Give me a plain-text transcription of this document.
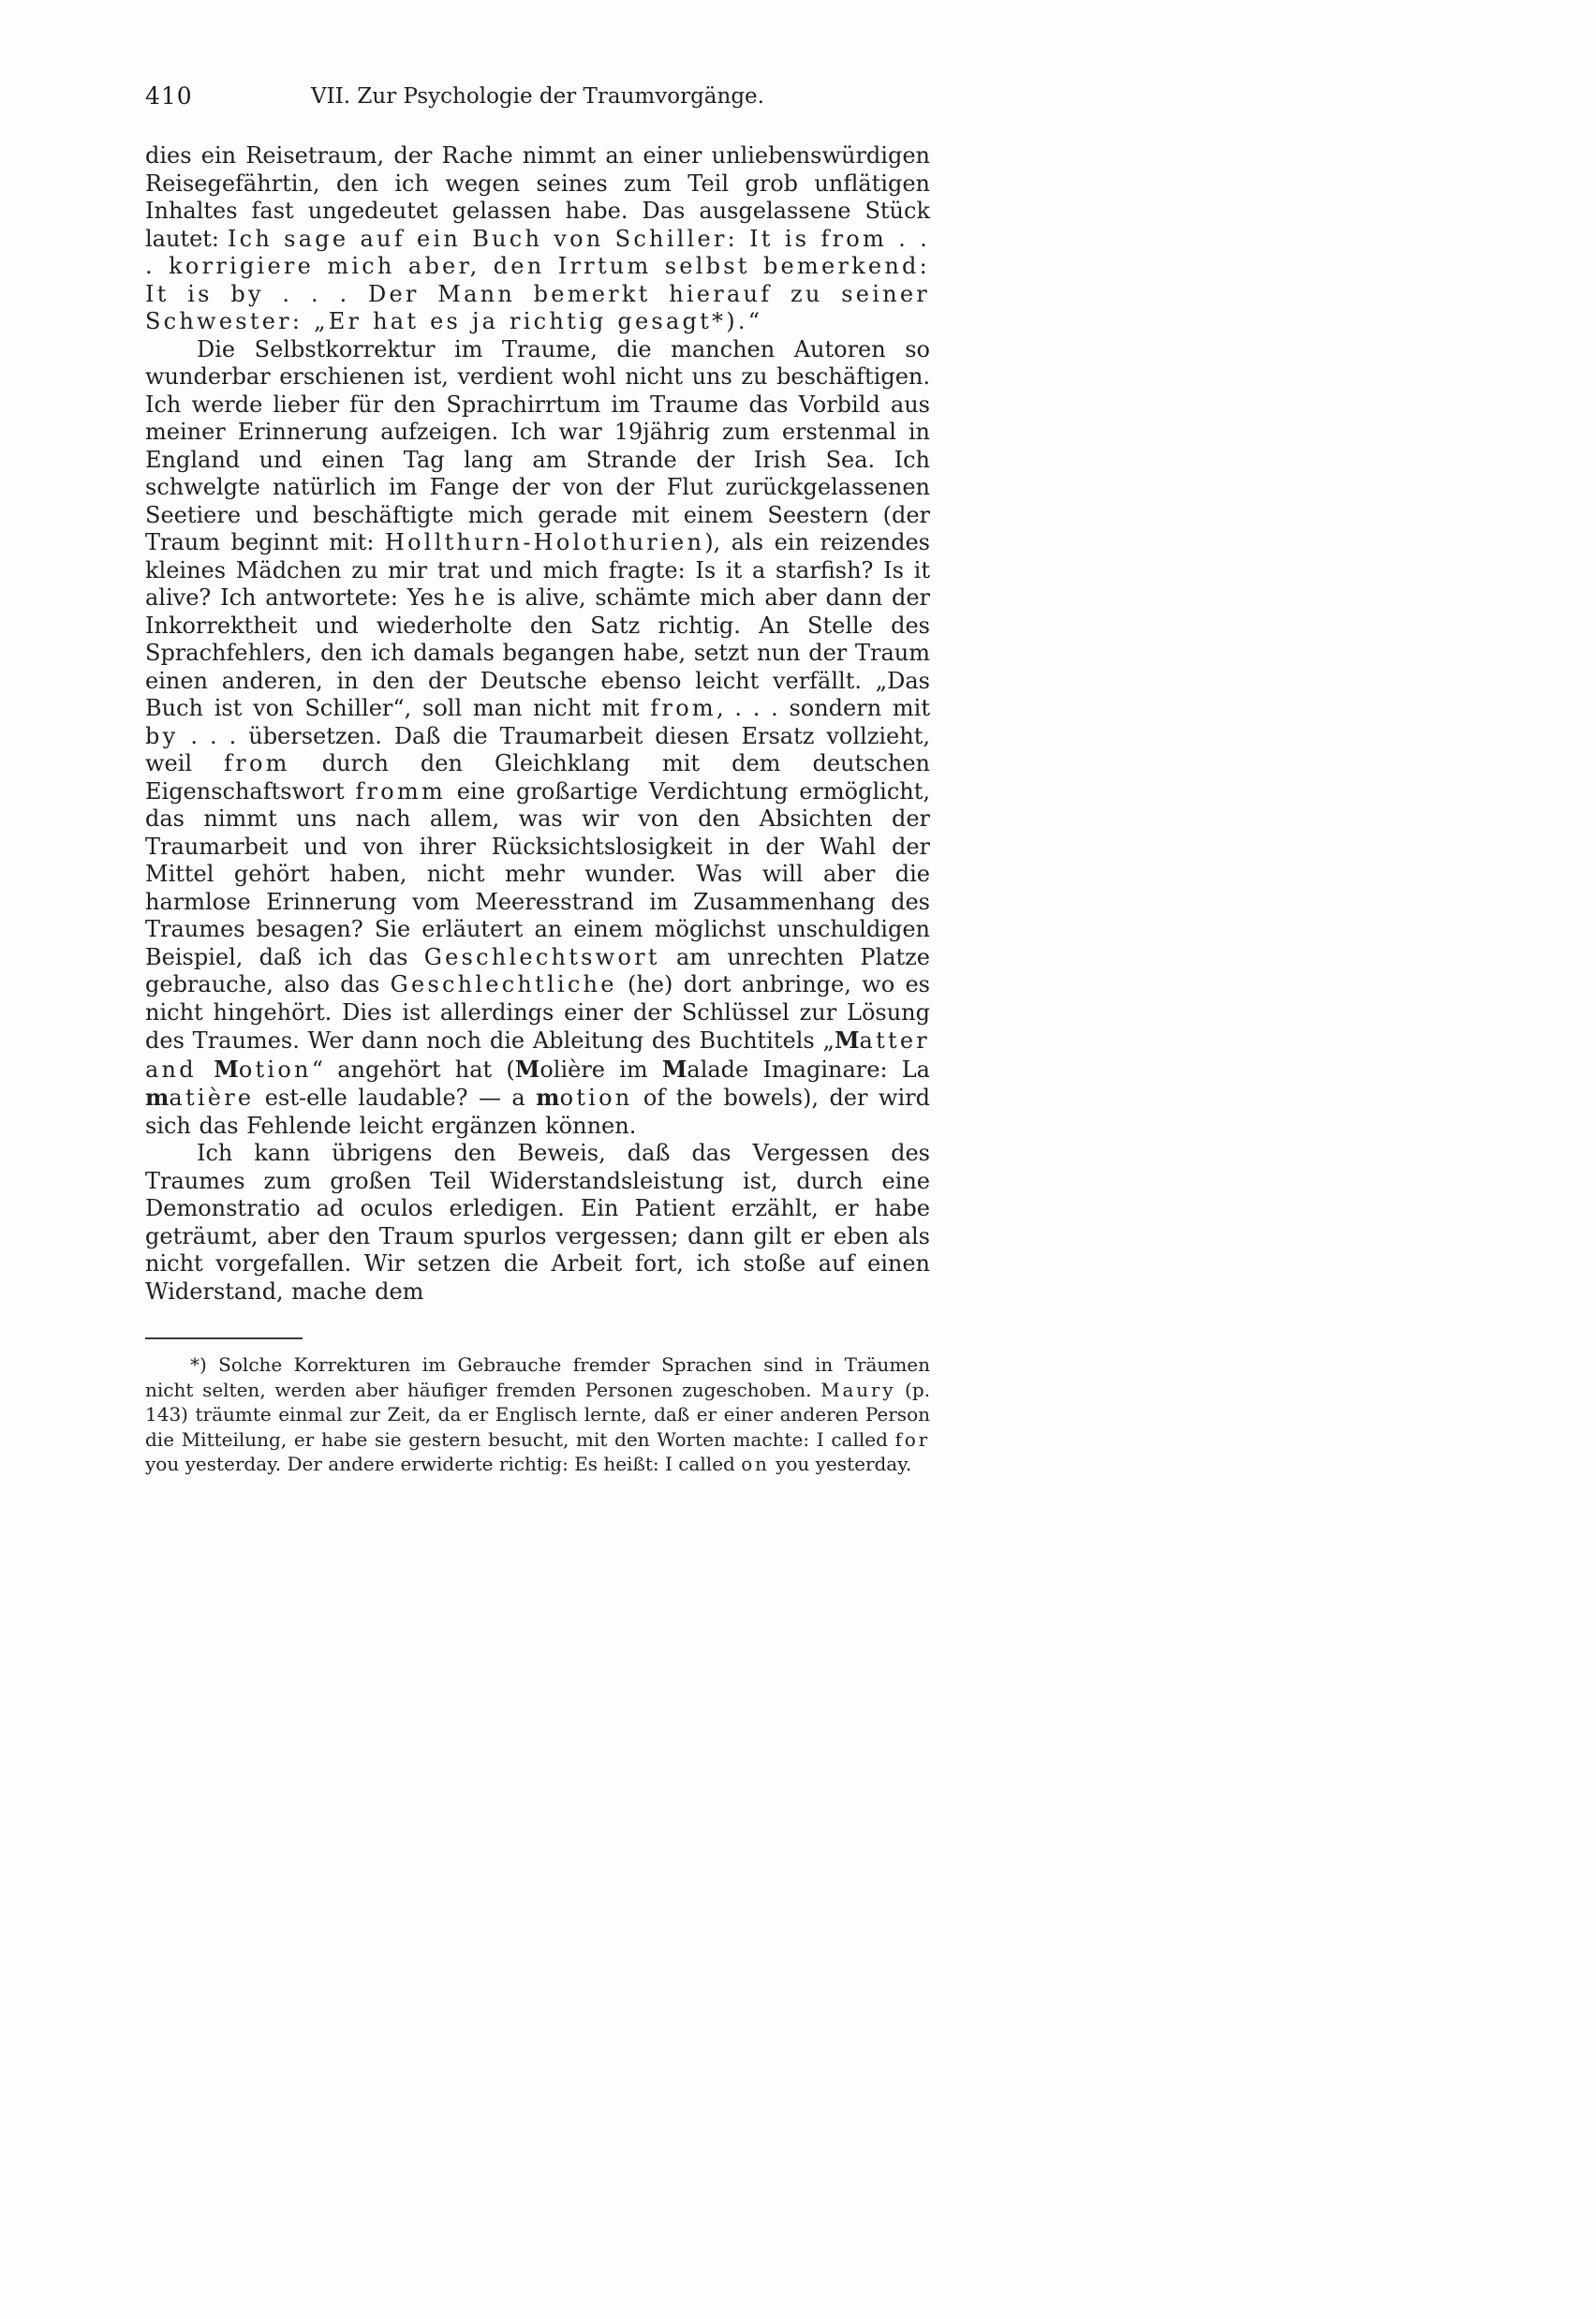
410	VII. Zur Psychologie der Traumvorgänge.

dies ein Reisetraum, der Rache nimmt an einer unliebenswürdigen Reisegefährtin, den ich wegen seines zum Teil grob unflätigen Inhaltes fast ungedeutet gelassen habe. Das ausgelassene Stück lautet: Ich sage auf ein Buch von Schiller: It is from . . . korrigiere mich aber, den Irrtum selbst bemerkend: It is by . . . Der Mann bemerkt hierauf zu seiner Schwester: „Er hat es ja richtig gesagt*).“

Die Selbstkorrektur im Traume, die manchen Autoren so wunderbar erschienen ist, verdient wohl nicht uns zu beschäftigen. Ich werde lieber für den Sprachirrtum im Traume das Vorbild aus meiner Erinnerung aufzeigen. Ich war 19jährig zum erstenmal in England und einen Tag lang am Strande der Irish Sea. Ich schwelgte natürlich im Fange der von der Flut zurückgelassenen Seetiere und beschäftigte mich gerade mit einem Seestern (der Traum beginnt mit: Hollthurn-Holothurien), als ein reizendes kleines Mädchen zu mir trat und mich fragte: Is it a starfish? Is it alive? Ich antwortete: Yes he is alive, schämte mich aber dann der Inkorrektheit und wiederholte den Satz richtig. An Stelle des Sprachfehlers, den ich damals begangen habe, setzt nun der Traum einen anderen, in den der Deutsche ebenso leicht verfällt. „Das Buch ist von Schiller“, soll man nicht mit from, . . . sondern mit by . . . übersetzen. Daß die Traumarbeit diesen Ersatz vollzieht, weil from durch den Gleichklang mit dem deutschen Eigenschaftswort fromm eine großartige Verdichtung ermöglicht, das nimmt uns nach allem, was wir von den Absichten der Traumarbeit und von ihrer Rücksichtslosigkeit in der Wahl der Mittel gehört haben, nicht mehr wunder. Was will aber die harmlose Erinnerung vom Meeresstrand im Zusammenhang des Traumes besagen? Sie erläutert an einem möglichst unschuldigen Beispiel, daß ich das Geschlechtswort am unrechten Platze gebrauche, also das Geschlechtliche (he) dort anbringe, wo es nicht hingehört. Dies ist allerdings einer der Schlüssel zur Lösung des Traumes. Wer dann noch die Ableitung des Buchtitels „Matter and Motion“ angehört hat (Molière im Malade Imaginare: La matière est-elle laudable? — a motion of the bowels), der wird sich das Fehlende leicht ergänzen können.

Ich kann übrigens den Beweis, daß das Vergessen des Traumes zum großen Teil Widerstandsleistung ist, durch eine Demonstratio ad oculos erledigen. Ein Patient erzählt, er habe geträumt, aber den Traum spurlos vergessen; dann gilt er eben als nicht vorgefallen. Wir setzen die Arbeit fort, ich stoße auf einen Widerstand, mache dem

*) Solche Korrekturen im Gebrauche fremder Sprachen sind in Träumen nicht selten, werden aber häufiger fremden Personen zugeschoben. Maury (p. 143) träumte einmal zur Zeit, da er Englisch lernte, daß er einer anderen Person die Mitteilung, er habe sie gestern besucht, mit den Worten machte: I called for you yesterday. Der andere erwiderte richtig: Es heißt: I called on you yesterday.
